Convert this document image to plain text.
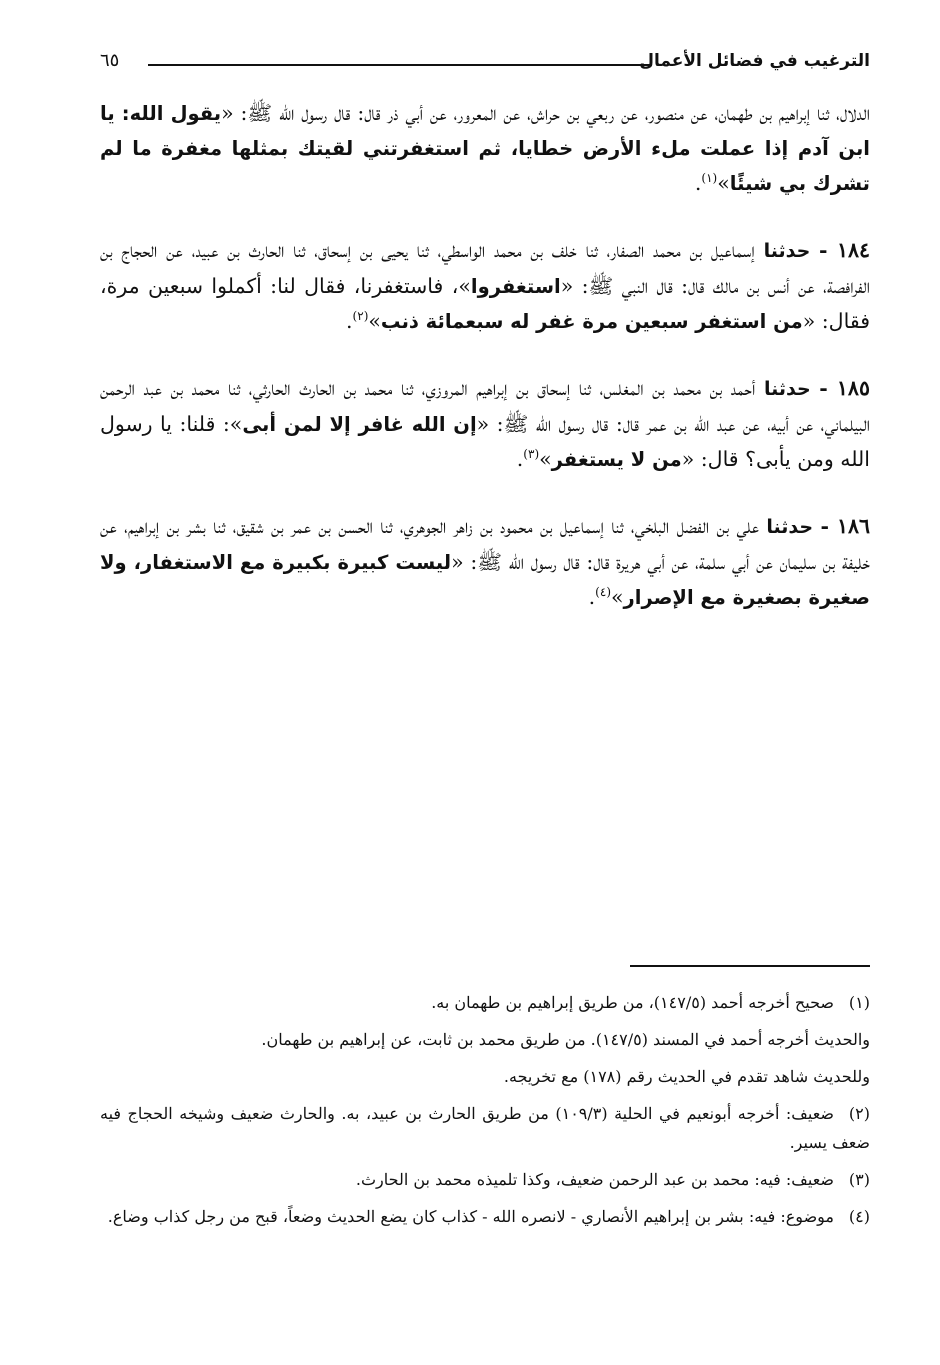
الترغيب في فضائل الأعمال
٦٥

الدلال، ثنا إبراهيم بن طهمان، عن منصور، عن ربعي بن حراش، عن المعرور، عن أبي ذر قال: قال رسول الله ﷺ: «يقول الله: يا ابن آدم إذا عملت ملء الأرض خطايا، ثم استغفرتني لقيتك بمثلها مغفرة ما لم تشرك بي شيئًا»$^{(١)}$.

١٨٤ - حدثنا إسماعيل بن محمد الصفار، ثنا خلف بن محمد الواسطي، ثنا يحيى بن إسحاق، ثنا الحارث بن عبيد، عن الحجاج بن الفرافصة، عن أنس بن مالك قال: قال النبي ﷺ: «استغفروا»، فاستغفرنا، فقال لنا: أكملوا سبعين مرة، فقال: «من استغفر سبعين مرة غفر له سبعمائة ذنب»$^{(٢)}$.

١٨٥ - حدثنا أحمد بن محمد بن المغلس، ثنا إسحاق بن إبراهيم المروزي، ثنا محمد بن الحارث الحارثي، ثنا محمد بن عبد الرحمن البيلماني، عن أبيه، عن عبد الله بن عمر قال: قال رسول الله ﷺ: «إن الله غافر إلا لمن أبى»: قلنا: يا رسول الله ومن يأبى؟ قال: «من لا يستغفر»$^{(٣)}$.

١٨٦ - حدثنا علي بن الفضل البلخي، ثنا إسماعيل بن محمود بن زاهر الجوهري، ثنا الحسن بن عمر بن شقيق، ثنا بشر بن إبراهيم، عن خليفة بن سليمان عن أبي سلمة، عن أبي هريرة قال: قال رسول الله ﷺ: «ليست كبيرة بكبيرة مع الاستغفار، ولا صغيرة بصغيرة مع الإصرار»$^{(٤)}$.

(١)صحيح أخرجه أحمد (١٤٧/٥)، من طريق إبراهيم بن طهمان به.

والحديث أخرجه أحمد في المسند (١٤٧/٥). من طريق محمد بن ثابت، عن إبراهيم بن طهمان.

وللحديث شاهد تقدم في الحديث رقم (١٧٨) مع تخريجه.

(٢)ضعيف: أخرجه أبونعيم في الحلية (١٠٩/٣) من طريق الحارث بن عبيد، به. والحارث ضعيف وشيخه الحجاج فيه ضعف يسير.

(٣)ضعيف: فيه: محمد بن عبد الرحمن ضعيف، وكذا تلميذه محمد بن الحارث.

(٤)موضوع: فيه: بشر بن إبراهيم الأنصاري - لانصره الله - كذاب كان يضع الحديث وضعاً، قبح من رجل كذاب وضاع.
